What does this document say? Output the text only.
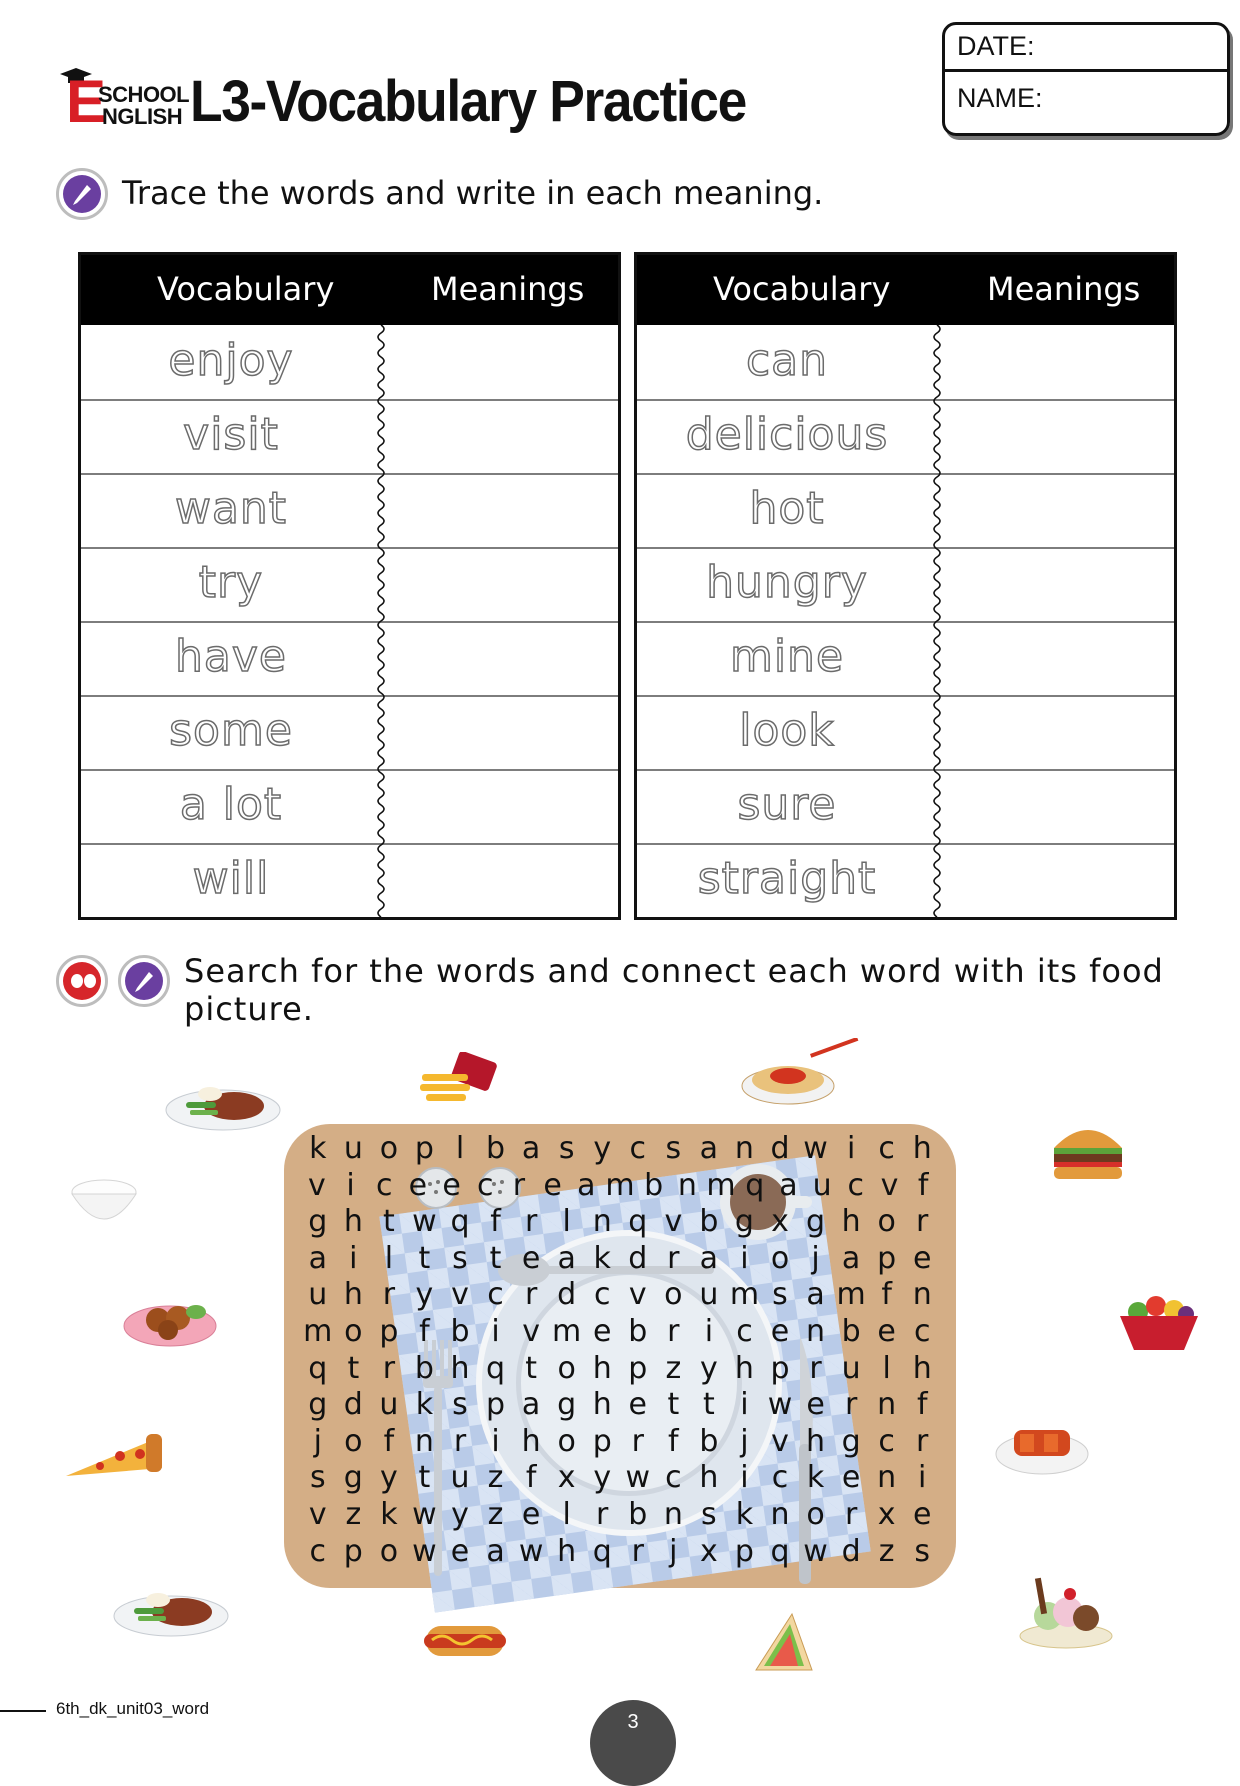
E
SCHOOL
NGLISH L3-Vocabulary Practice
DATE:
NAME:
Trace the words and write in each meaning.
Vocabulary	Meanings
enjoy
visit
want
try
have
some
a lot
will
Vocabulary	Meanings
can
delicious
hot
hungry
mine
look
sure
straight
Search for the words and connect each word with its food
picture.
k u o p l b a s y c s a n d w i c h
v i c e e c r e a m b n m q a u c v f
g h t w q f r l n q v b g x g h o r
a i l t s t e a k d r a i o j a p e
u h r y v c r d c v o u m s a m f n
m o p f b i v m e b r i c e n b e c
q t r b h q t o h p z y h p r u l h
g d u k s p a g h e t t i w e r n f
j o f n r i h o p r f b j v h g c r
s g y t u z f x y w c h i c k e n i
v z k w y z e l r b n s k n o r x e
c p o w e a w h q r j x p q w d z s
6th_dk_unit03_word
3
